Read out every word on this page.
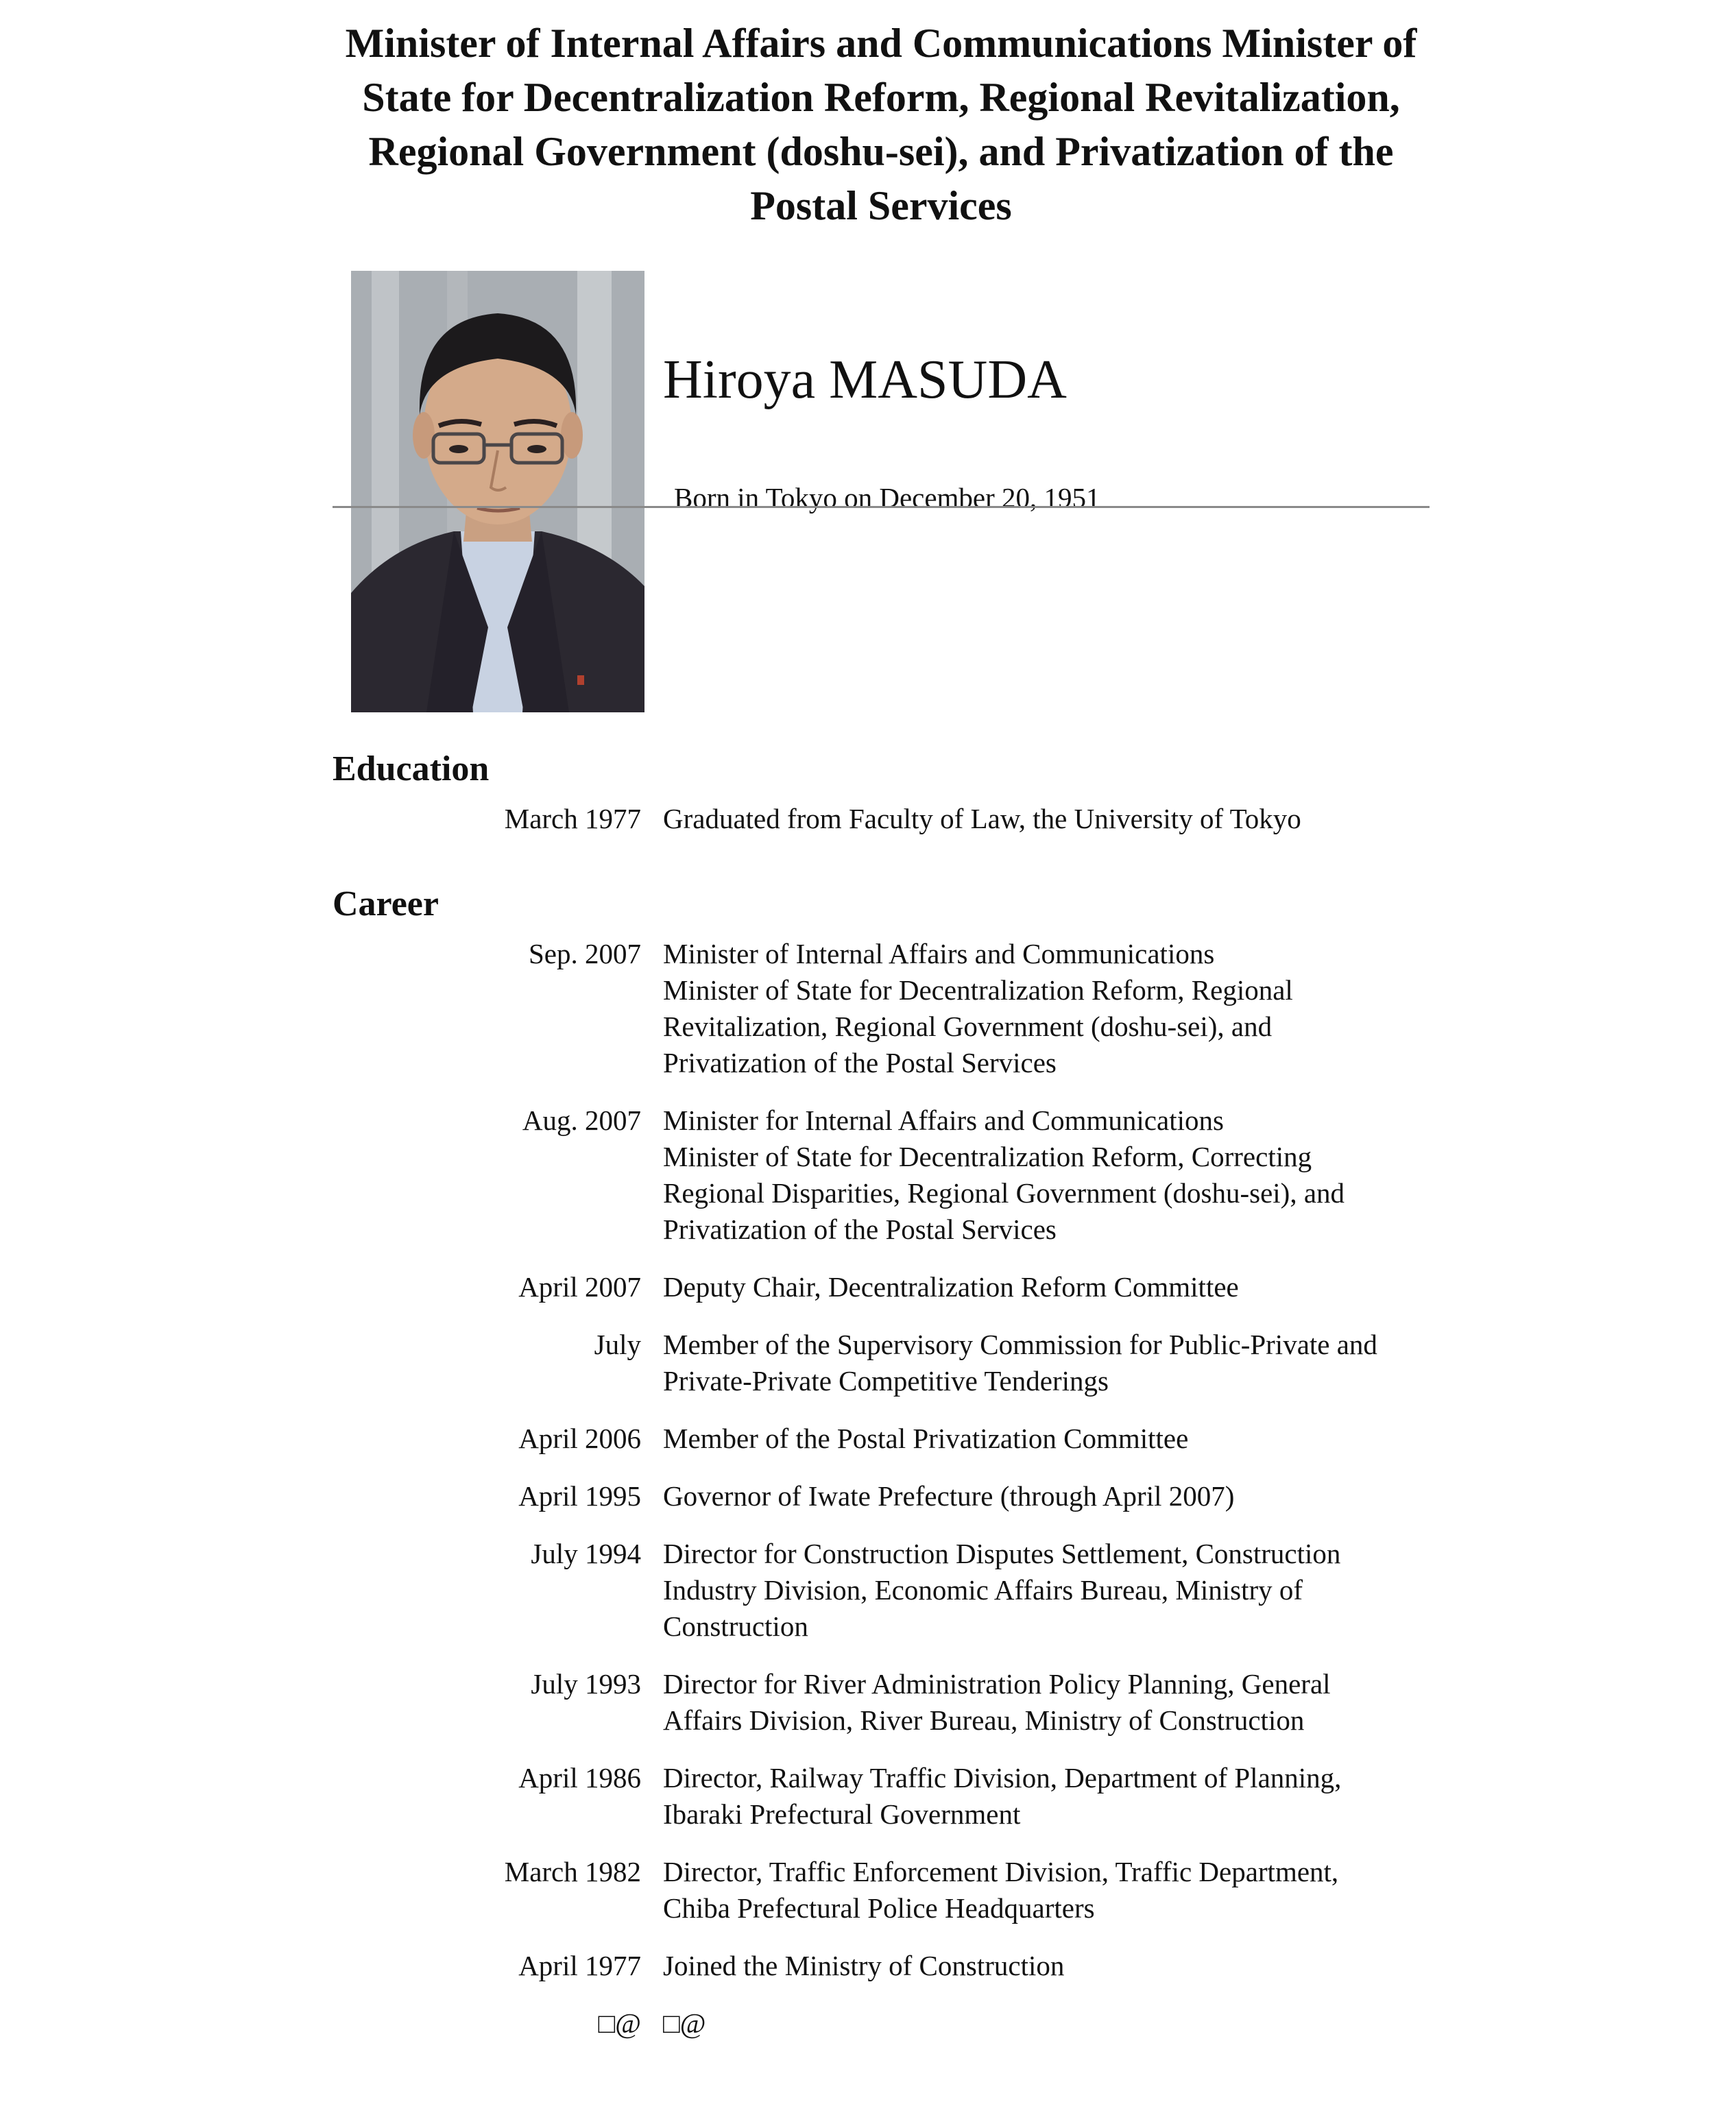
Minister of Internal Affairs and Communications Minister of State for Decentralization Reform, Regional Revitalization, Regional Government (doshu-sei), and Privatization of the Postal Services
Hiroya MASUDA
Born in Tokyo on December 20, 1951
Education
March 1977 Graduated from Faculty of Law, the University of Tokyo
Career
Sep. 2007 Minister of Internal Affairs and Communications
Minister of State for Decentralization Reform, Regional
Revitalization, Regional Government (doshu-sei), and
Privatization of the Postal Services
Aug. 2007 Minister for Internal Affairs and Communications
Minister of State for Decentralization Reform, Correcting
Regional Disparities, Regional Government (doshu-sei), and
Privatization of the Postal Services
April 2007 Deputy Chair, Decentralization Reform Committee
July Member of the Supervisory Commission for Public-Private and
Private-Private Competitive Tenderings
April 2006 Member of the Postal Privatization Committee
April 1995 Governor of Iwate Prefecture (through April 2007)
July 1994 Director for Construction Disputes Settlement, Construction
Industry Division, Economic Affairs Bureau, Ministry of
Construction
July 1993 Director for River Administration Policy Planning, General
Affairs Division, River Bureau, Ministry of Construction
April 1986 Director, Railway Traffic Division, Department of Planning,
Ibaraki Prefectural Government
March 1982 Director, Traffic Enforcement Division, Traffic Department,
Chiba Prefectural Police Headquarters
April 1977 Joined the Ministry of Construction
□@ □@
